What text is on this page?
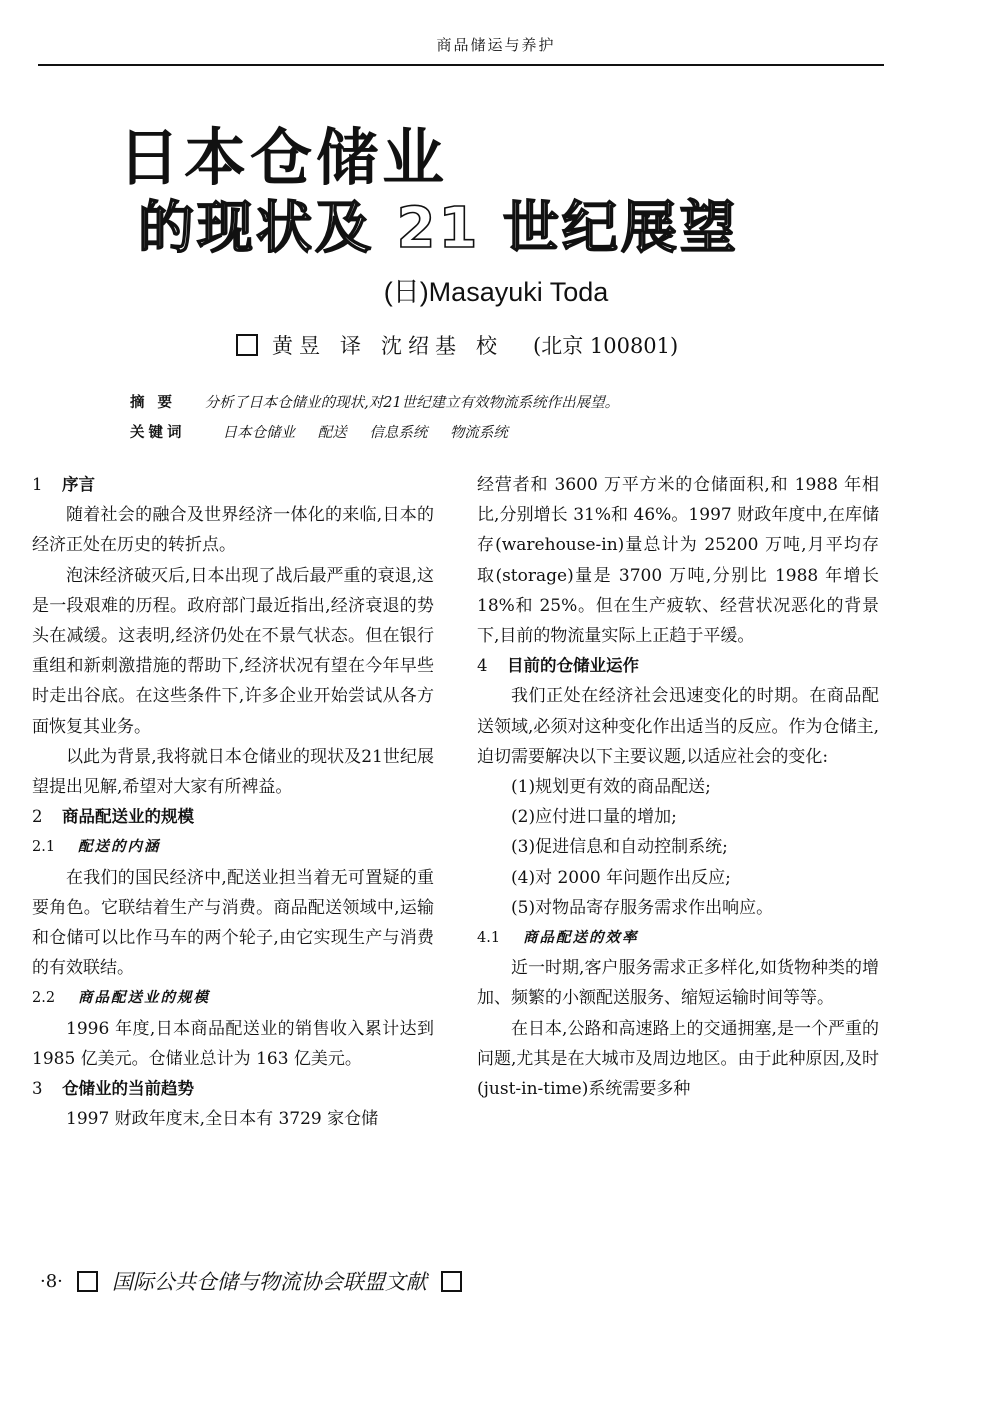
商品储运与养护
日本仓储业
的现状及 21 世纪展望
(日)Masayuki Toda
黄昱 译 沈绍基 校 (北京 100801)
摘 要 分析了日本仓储业的现状,对21世纪建立有效物流系统作出展望。
关键词	日本仓储业 配送 信息系统 物流系统
1 序言

随着社会的融合及世界经济一体化的来临,日本的经济正处在历史的转折点。

泡沫经济破灭后,日本出现了战后最严重的衰退,这是一段艰难的历程。政府部门最近指出,经济衰退的势头在减缓。这表明,经济仍处在不景气状态。但在银行重组和新刺激措施的帮助下,经济状况有望在今年早些时走出谷底。在这些条件下,许多企业开始尝试从各方面恢复其业务。

以此为背景,我将就日本仓储业的现状及21世纪展望提出见解,希望对大家有所裨益。

2 商品配送业的规模
2.1 配送的内涵

在我们的国民经济中,配送业担当着无可置疑的重要角色。它联结着生产与消费。商品配送领域中,运输和仓储可以比作马车的两个轮子,由它实现生产与消费的有效联结。

2.2 商品配送业的规模

1996 年度,日本商品配送业的销售收入累计达到 1985 亿美元。仓储业总计为 163 亿美元。

3 仓储业的当前趋势

1997 财政年度末,全日本有 3729 家仓储

经营者和 3600 万平方米的仓储面积,和 1988 年相比,分别增长 31%和 46%。1997 财政年度中,在库储存(warehouse-in)量总计为 25200 万吨,月平均存取(storage)量是 3700 万吨,分别比 1988 年增长 18%和 25%。但在生产疲软、经营状况恶化的背景下,目前的物流量实际上正趋于平缓。

4 目前的仓储业运作

我们正处在经济社会迅速变化的时期。在商品配送领域,必须对这种变化作出适当的反应。作为仓储主,迫切需要解决以下主要议题,以适应社会的变化:

(1)规划更有效的商品配送;
(2)应付进口量的增加;
(3)促进信息和自动控制系统;
(4)对 2000 年问题作出反应;
(5)对物品寄存服务需求作出响应。
4.1 商品配送的效率

近一时期,客户服务需求正多样化,如货物种类的增加、频繁的小额配送服务、缩短运输时间等等。

在日本,公路和高速路上的交通拥塞,是一个严重的问题,尤其是在大城市及周边地区。由于此种原因,及时(just-in-time)系统需要多种

·8· 国际公共仓储与物流协会联盟文献
